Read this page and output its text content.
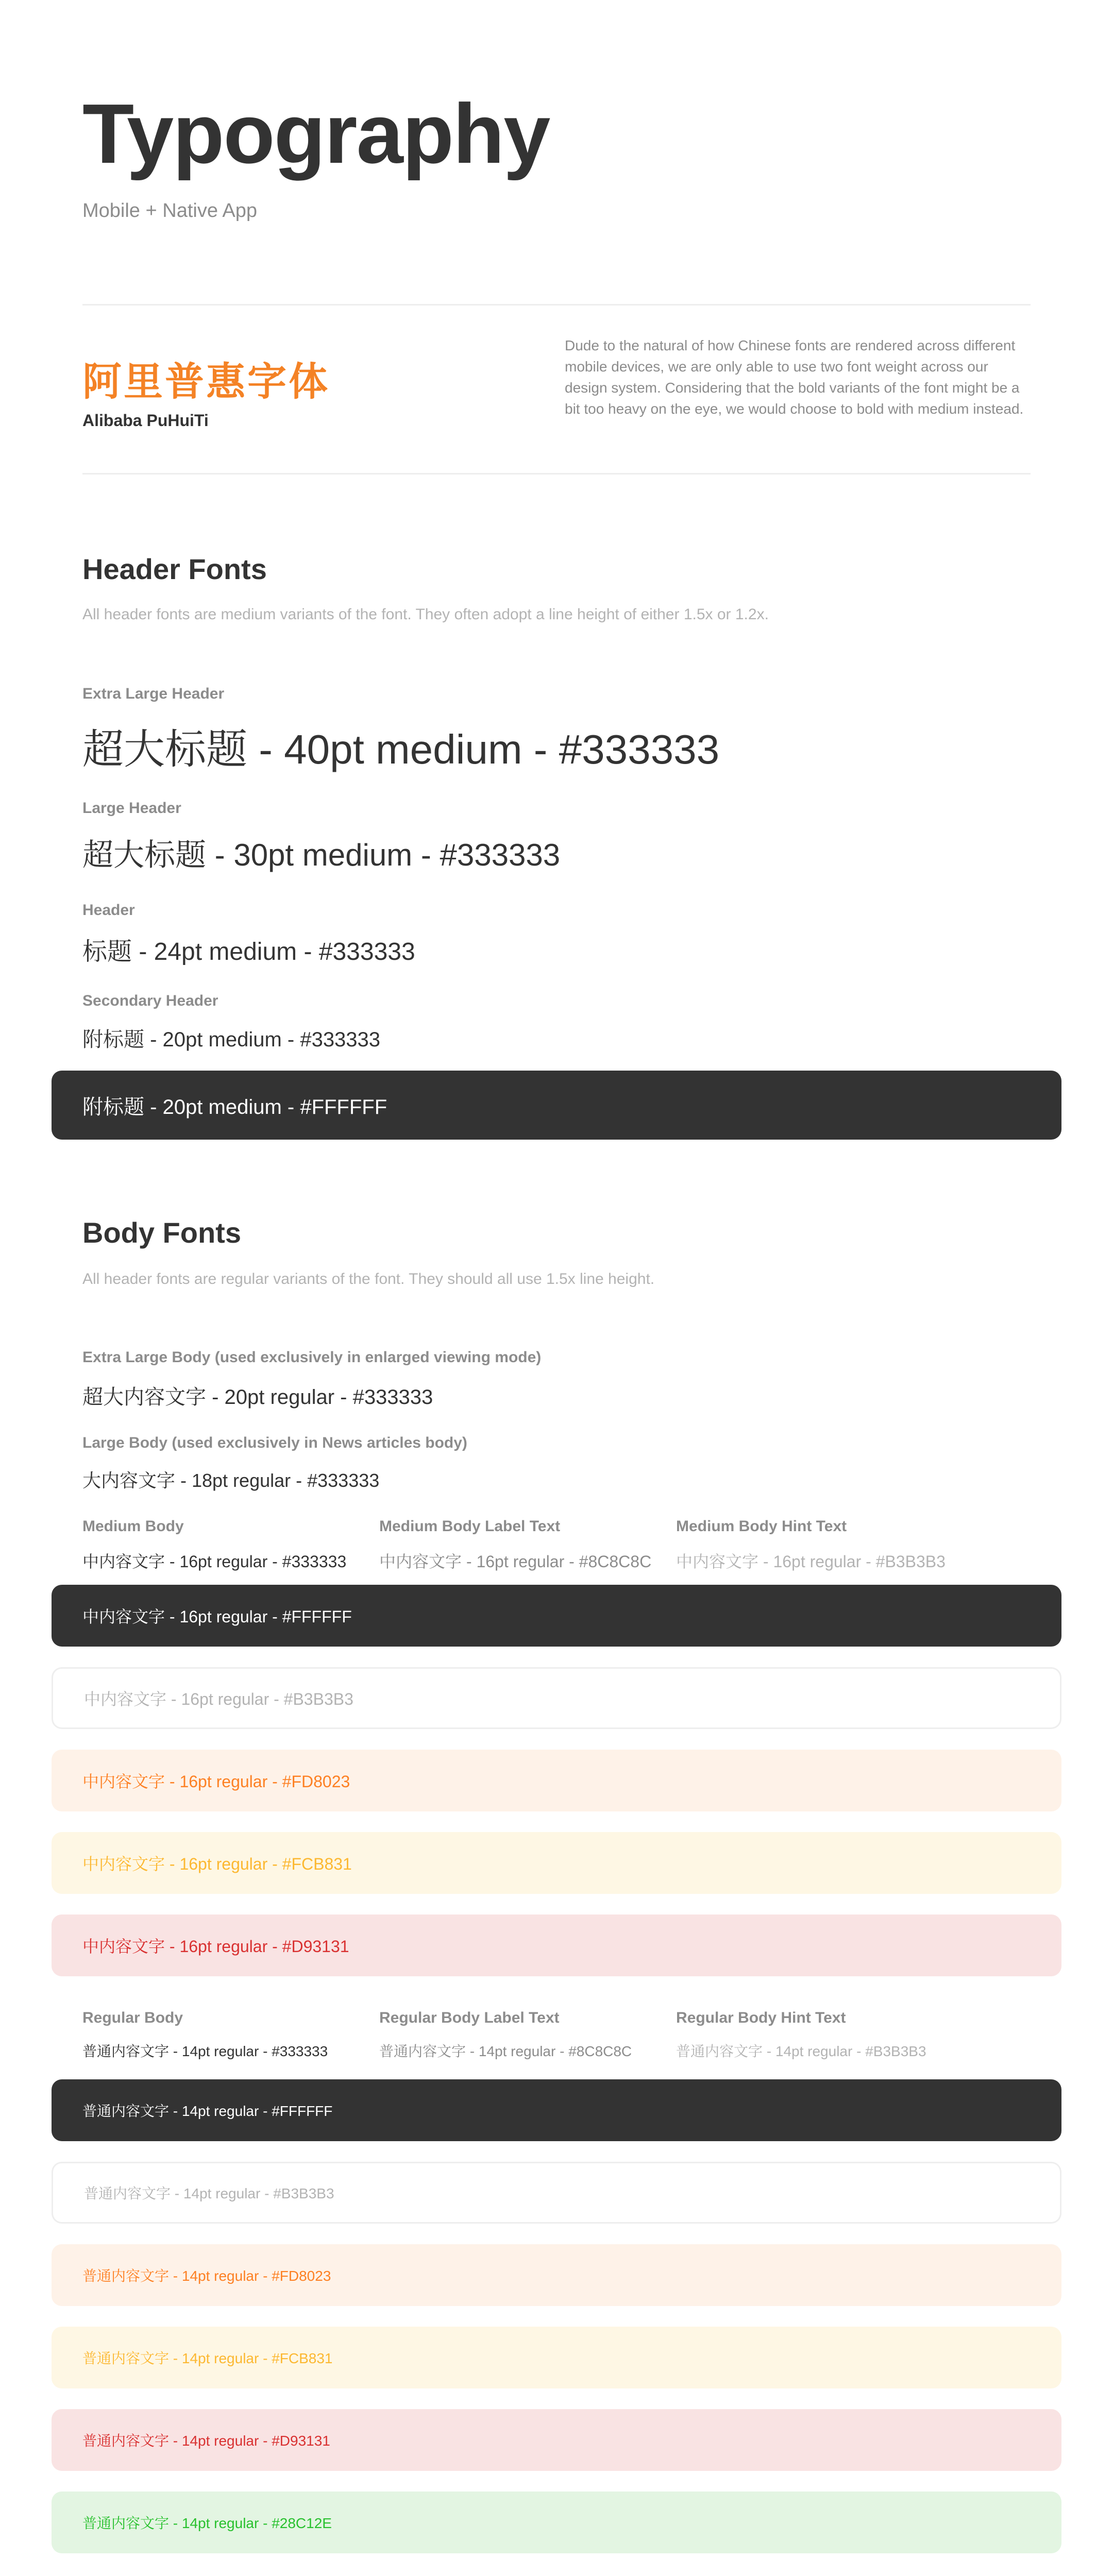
Typography
Mobile + Native App
阿里普惠字体
Alibaba PuHuiTi
Dude to the natural of how Chinese fonts are rendered across different mobile devices, we are only able to use two font weight across our design system. Considering that the bold variants of the font might be a bit too heavy on the eye, we would choose to bold with medium instead.
Header Fonts
All header fonts are medium variants of the font. They often adopt a line height of either 1.5x or 1.2x.
Extra Large Header
超大标题 - 40pt medium - #333333
Large Header
超大标题 - 30pt medium - #333333
Header
标题 - 24pt medium - #333333
Secondary Header
附标题 - 20pt medium - #333333
附标题 - 20pt medium - #FFFFFF
Body Fonts
All header fonts are regular variants of the font. They should all use 1.5x line height.
Extra Large Body (used exclusively in enlarged viewing mode)
超大内容文字 - 20pt regular - #333333
Large Body (used exclusively in News articles body)
大内容文字 - 18pt regular - #333333
Medium Body
中内容文字 - 16pt regular - #333333
Medium Body Label Text
中内容文字 - 16pt regular - #8C8C8C
Medium Body Hint Text
中内容文字 - 16pt regular - #B3B3B3
中内容文字 - 16pt regular - #FFFFFF
中内容文字 - 16pt regular - #B3B3B3
中内容文字 - 16pt regular - #FD8023
中内容文字 - 16pt regular - #FCB831
中内容文字 - 16pt regular - #D93131
Regular Body
普通内容文字 - 14pt regular - #333333
Regular Body Label Text
普通内容文字 - 14pt regular - #8C8C8C
Regular Body Hint Text
普通内容文字 - 14pt regular - #B3B3B3
普通内容文字 - 14pt regular - #FFFFFF
普通内容文字 - 14pt regular - #B3B3B3
普通内容文字 - 14pt regular - #FD8023
普通内容文字 - 14pt regular - #FCB831
普通内容文字 - 14pt regular - #D93131
普通内容文字 - 14pt regular - #28C12E
